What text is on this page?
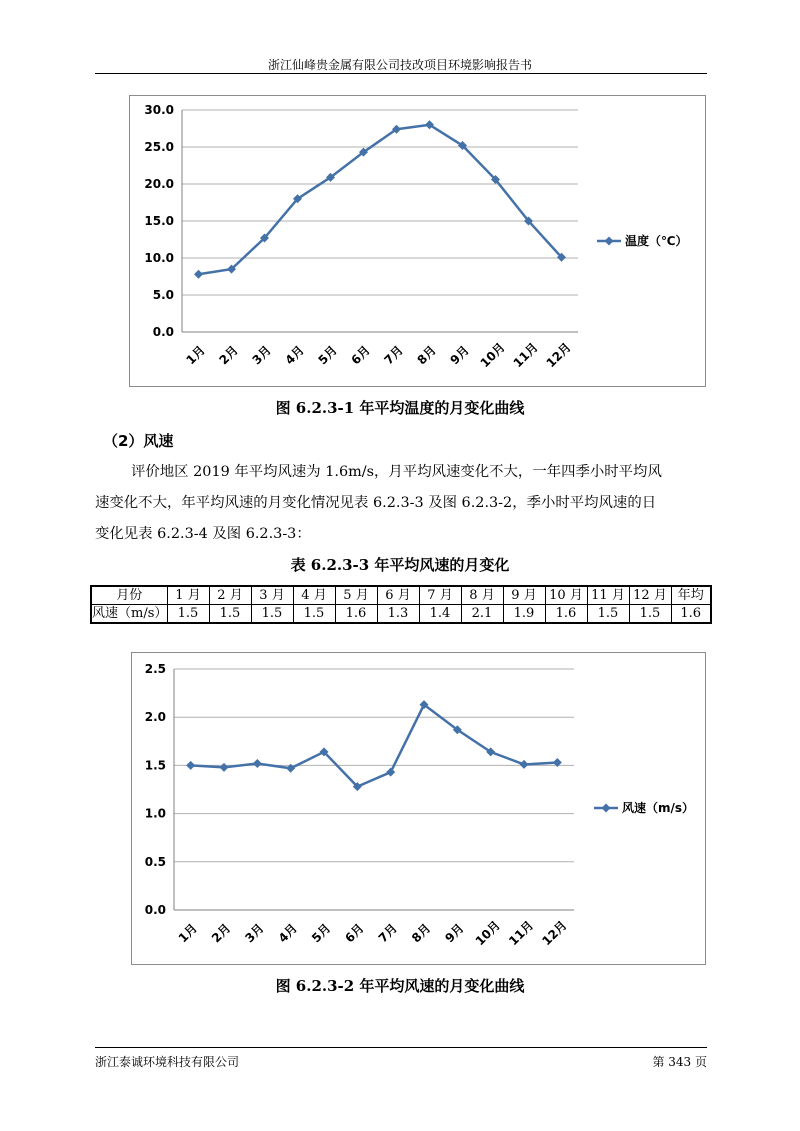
浙江仙峰贵金属有限公司技改项目环境影响报告书
0.0
5.0
10.0
15.0
20.0
25.0
30.0
1月 2月 3月 4月 5月 6月 7月 8月 9月 10月 11月 12月
温度（℃）
图 6.2.3-1 年平均温度的月变化曲线
（2）风速
评价地区 2019 年平均风速为 1.6m/s，月平均风速变化不大，一年四季小时平均风
速变化不大，年平均风速的月变化情况见表 6.2.3-3 及图 6.2.3-2，季小时平均风速的日
变化见表 6.2.3-4 及图 6.2.3-3：
表 6.2.3-3 年平均风速的月变化
月份	1 月	2 月	3 月	4 月	5 月	6 月	7 月	8 月	9 月	10 月	11 月	12 月	年均
风速（m/s）	1.5	1.5	1.5	1.5	1.6	1.3	1.4	2.1	1.9	1.6	1.5	1.5	1.6
0.0
0.5
1.0
1.5
2.0
2.5
1月 2月 3月 4月 5月 6月 7月 8月 9月 10月 11月 12月
风速（m/s）
图 6.2.3-2 年平均风速的月变化曲线
浙江泰诚环境科技有限公司	第 343 页
